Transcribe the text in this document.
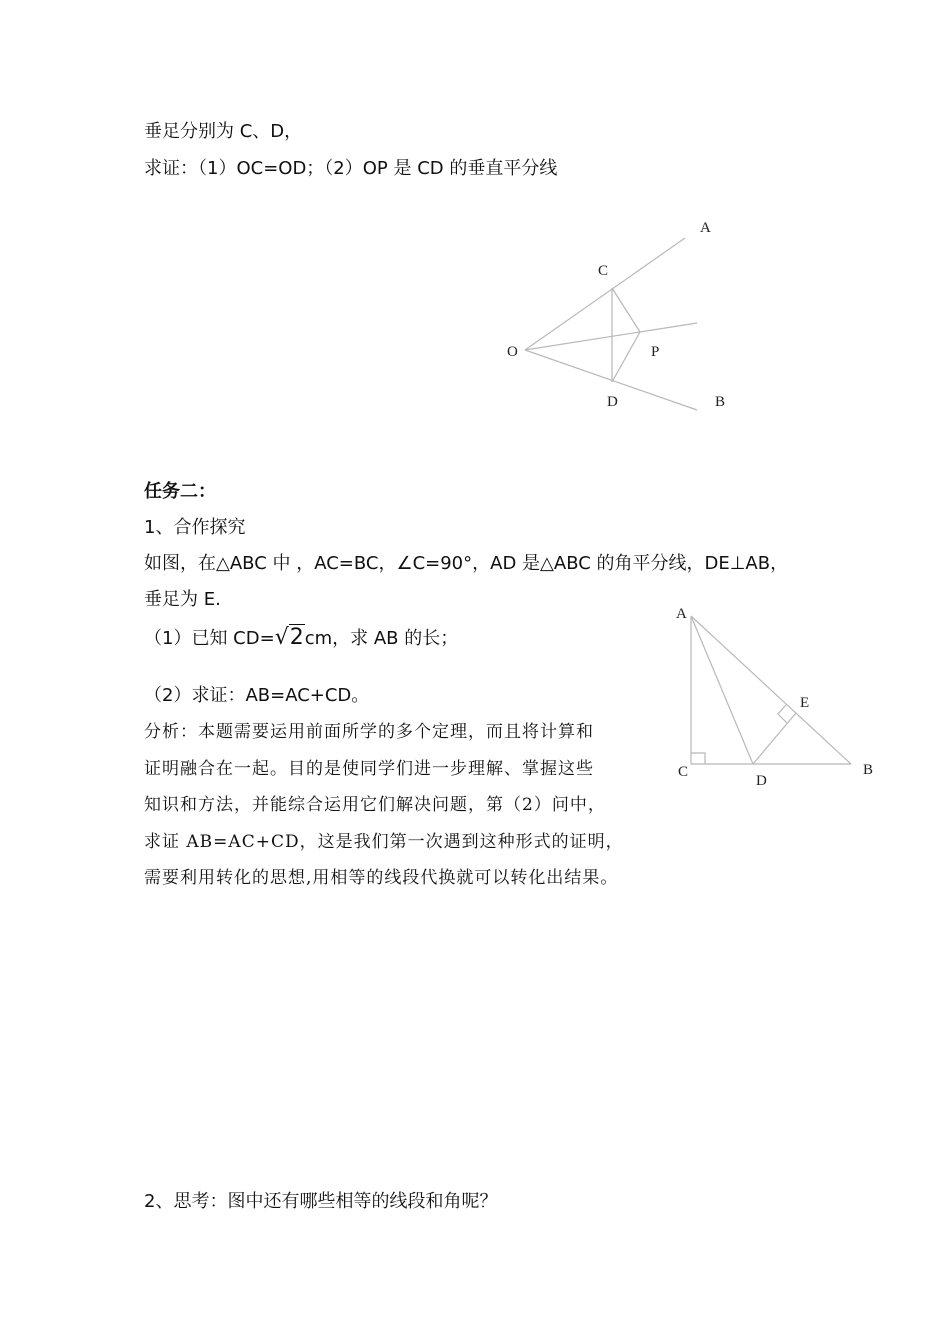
垂足分别为 C、D，
求证：（1）OC=OD；（2）OP 是 CD 的垂直平分线
A
C
O	P
D	B
任务二：
1、合作探究
如图，在△ABC 中 ，AC=BC，∠C=90°，AD 是△ABC 的角平分线，DE⊥AB，
垂足为 E.
（1）已知 CD=√2cm，求 AB 的长；
（2）求证：AB=AC+CD。
分析：本题需要运用前面所学的多个定理，而且将计算和
证明融合在一起。目的是使同学们进一步理解、掌握这些
知识和方法，并能综合运用它们解决问题，第（2）问中，
求证 AB=AC+CD，这是我们第一次遇到这种形式的证明，
需要利用转化的思想,用相等的线段代换就可以转化出结果。
A
E
C
D
B
2、思考：图中还有哪些相等的线段和角呢？
